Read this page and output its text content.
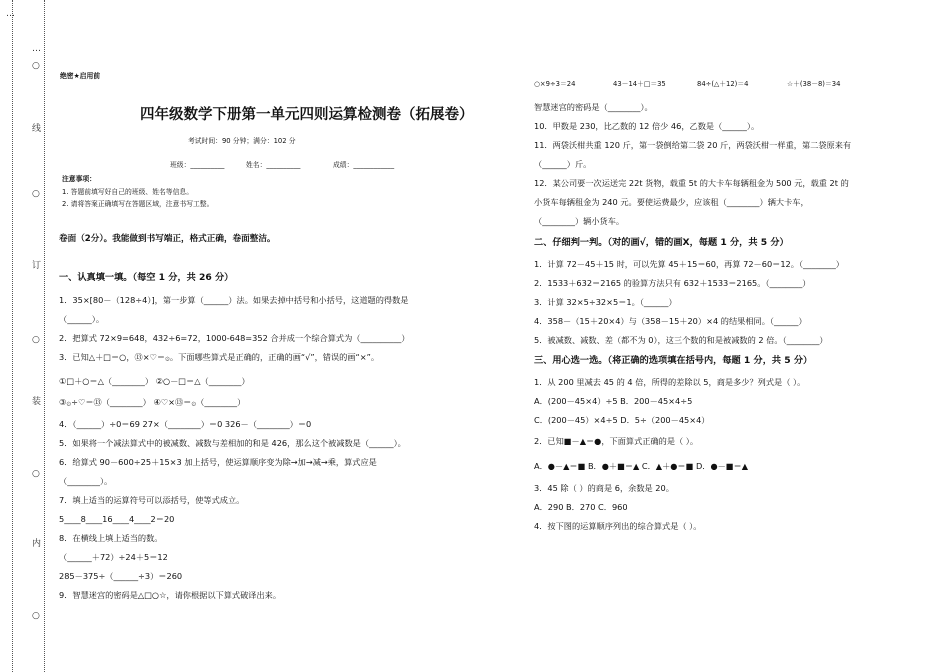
…
…
○
线
○
订
○
装
○
内
○
绝密★启用前
四年级数学下册第一单元四则运算检测卷（拓展卷）
考试时间：90 分钟；满分：102 分
班级：__________	姓名：__________	成绩：____________
注意事项：
1. 答题前填写好自己的班级、姓名等信息。
2. 请将答案正确填写在答题区域，注意书写工整。
卷面（2分）。我能做到书写端正，格式正确，卷面整洁。
一、认真填一填。（每空 1 分，共 26 分）
1．35×[80－（128÷4）]，第一步算（______）法。如果去掉中括号和小括号，这道题的得数是
（______）。
2．把算式 72×9=648，432÷6=72，1000-648=352 合并成一个综合算式为（__________）
3．已知△＋□＝○，⑬×♡＝۞。下面哪些算式是正确的，正确的画“√”，错误的画“×”。
①□＋○＝△（________） ②○－□＝△（________）
③۞÷♡＝⑬（________） ④♡×⑬＝۞（________）
4．（______）÷0＝69 27×（________）＝0 326－（________）＝0
5．如果将一个减法算式中的被减数、减数与差相加的和是 426，那么这个被减数是（______）。
6．给算式 90－600÷25＋15×3 加上括号，使运算顺序变为除→加→减→乘，算式应是
（________）。
7．填上适当的运算符号可以添括号，使等式成立。
5____8____16____4____2＝20
8．在横线上填上适当的数。
（______＋72）÷24＋5＝12
285－375÷（______÷3）＝260
9．智慧迷宫的密码是△□○☆，请你根据以下算式破译出来。
○×9÷3＝24	43－14＋□＝35	84÷(△＋12)＝4	☆＋(38－8)＝34
智慧迷宫的密码是（________）。
10．甲数是 230，比乙数的 12 倍少 46，乙数是（______）。
11．两袋沃柑共重 120 斤，第一袋倒给第二袋 20 斤，两袋沃柑一样重，第二袋原来有
（______）斤。
12．某公司要一次运送完 22t 货物，载重 5t 的大卡车每辆租金为 500 元，载重 2t 的
小货车每辆租金为 240 元。要使运费最少，应该租（________）辆大卡车，
（________）辆小货车。
二、仔细判一判。（对的画√，错的画X，每题 1 分，共 5 分）
1．计算 72－45＋15 时，可以先算 45＋15＝60，再算 72－60＝12。（________）
2．1533＋632＝2165 的验算方法只有 632＋1533＝2165。（________）
3．计算 32×5÷32×5＝1。（______）
4．358－（15＋20×4）与（358－15＋20）×4 的结果相同。（______）
5．被减数、减数、差（都不为 0），这三个数的和是被减数的 2 倍。（________）
三、用心选一选。（将正确的选项填在括号内，每题 1 分，共 5 分）
1．从 200 里减去 45 的 4 倍，所得的差除以 5，商是多少？列式是（ ）。
A．(200－45×4）÷5 B．200－45×4÷5
C．(200－45）×4÷5 D．5÷（200－45×4）
2．已知■－▲＝●，下面算式正确的是（ ）。
A．●－▲＝■ B．●＋■＝▲ C．▲＋●＝■ D．●－■＝▲
3．45 除（ ）的商是 6，余数是 20。
A．290 B．270 C．960
4．按下图的运算顺序列出的综合算式是（ ）。
